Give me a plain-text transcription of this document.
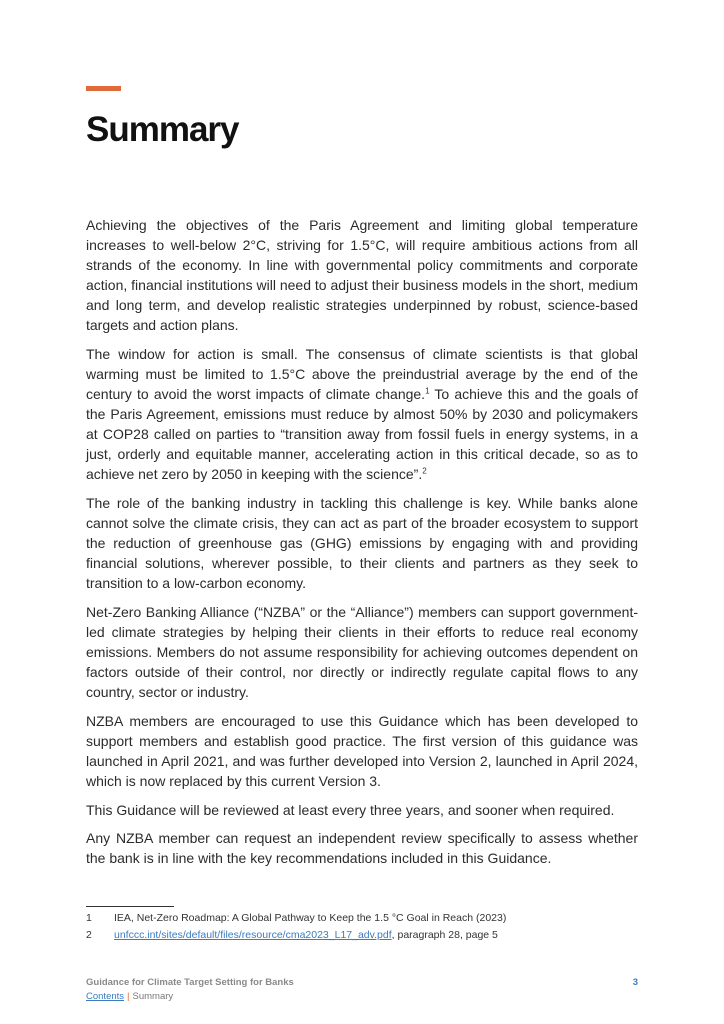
Summary

Achieving the objectives of the Paris Agreement and limiting global temperature increases to well-below 2°C, striving for 1.5°C, will require ambitious actions from all strands of the economy. In line with governmental policy commitments and corporate action, financial institutions will need to adjust their business models in the short, medium and long term, and develop realistic strategies underpinned by robust, science-based targets and action plans.

The window for action is small. The consensus of climate scientists is that global warming must be limited to 1.5°C above the preindustrial average by the end of the century to avoid the worst impacts of climate change.$^1$ To achieve this and the goals of the Paris Agreement, emissions must reduce by almost 50% by 2030 and policymakers at COP28 called on parties to “transition away from fossil fuels in energy systems, in a just, orderly and equitable manner, accelerating action in this critical decade, so as to achieve net zero by 2050 in keeping with the science”.$^2$

The role of the banking industry in tackling this challenge is key. While banks alone cannot solve the climate crisis, they can act as part of the broader ecosystem to support the reduction of greenhouse gas (GHG) emissions by engaging with and providing financial solutions, wherever possible, to their clients and partners as they seek to transition to a low-carbon economy.

Net-Zero Banking Alliance (“NZBA” or the “Alliance”) members can support government-led climate strategies by helping their clients in their efforts to reduce real economy emissions. Members do not assume responsibility for achieving outcomes dependent on factors outside of their control, nor directly or indirectly regulate capital flows to any country, sector or industry.

NZBA members are encouraged to use this Guidance which has been developed to support members and establish good practice. The first version of this guidance was launched in April 2021, and was further developed into Version 2, launched in April 2024, which is now replaced by this current Version 3.

This Guidance will be reviewed at least every three years, and sooner when required.

Any NZBA member can request an independent review specifically to assess whether the bank is in line with the key recommendations included in this Guidance.

1	IEA, Net-Zero Roadmap: A Global Pathway to Keep the 1.5 °C Goal in Reach (2023)
2	unfccc.int/sites/default/files/resource/cma2023_L17_adv.pdf, paragraph 28, page 5
Guidance for Climate Target Setting for Banks	3
Contents | Summary
